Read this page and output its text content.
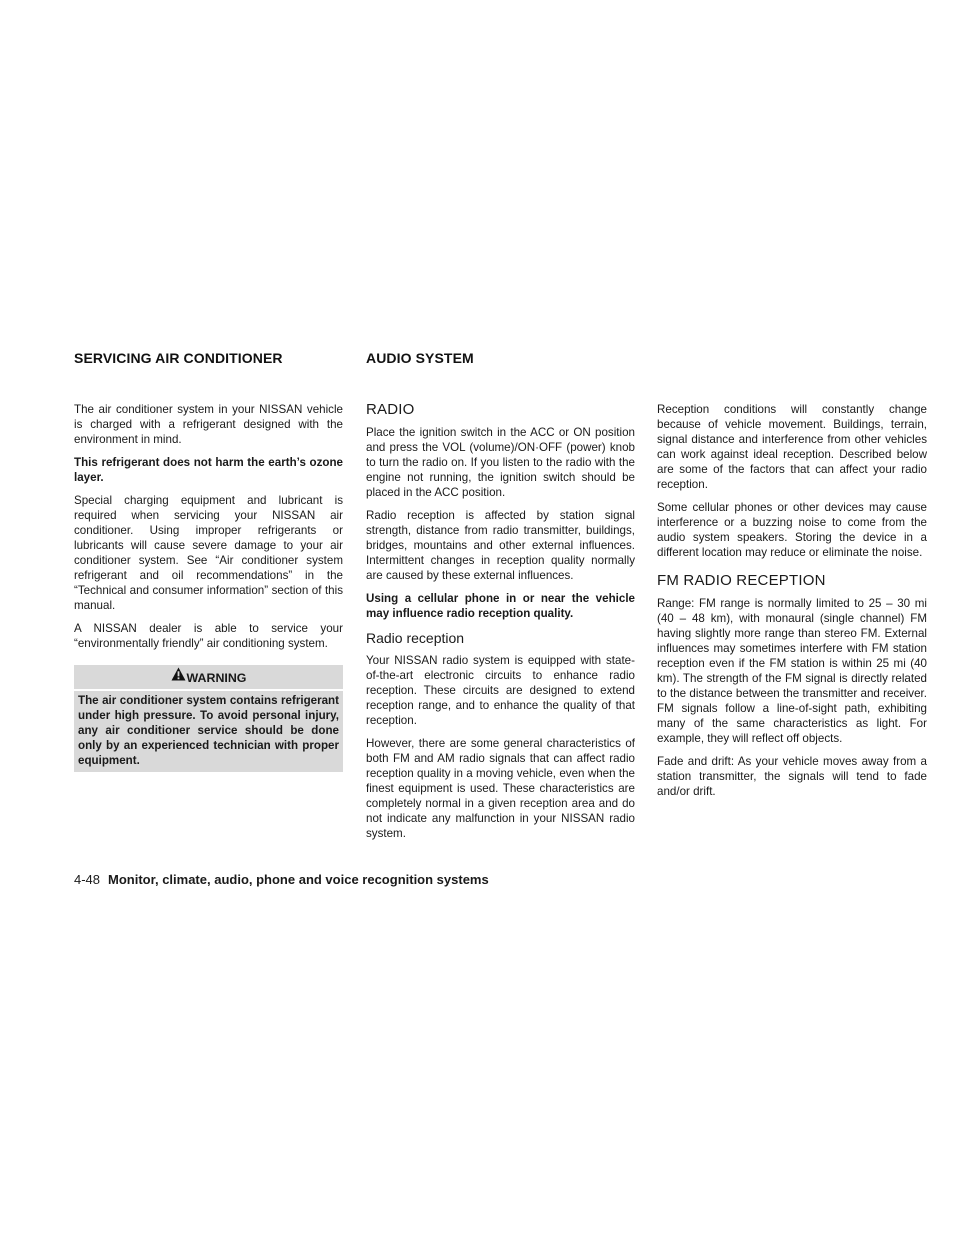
SERVICING AIR CONDITIONER	AUDIO SYSTEM

The air conditioner system in your NISSAN vehicle is charged with a refrigerant designed with the environment in mind.

This refrigerant does not harm the earth’s ozone layer.

Special charging equipment and lubricant is required when servicing your NISSAN air conditioner. Using improper refrigerants or lubricants will cause severe damage to your air conditioner system. See “Air conditioner system refrigerant and oil recommendations” in the “Technical and consumer information” section of this manual.

A NISSAN dealer is able to service your “environmentally friendly” air conditioning system.

WARNING
The air conditioner system contains refrigerant under high pressure. To avoid personal injury, any air conditioner service should be done only by an experienced technician with proper equipment.
RADIO

Place the ignition switch in the ACC or ON position and press the VOL (volume)/ON·OFF (power) knob to turn the radio on. If you listen to the radio with the engine not running, the ignition switch should be placed in the ACC position.

Radio reception is affected by station signal strength, distance from radio transmitter, buildings, bridges, mountains and other external influences. Intermittent changes in reception quality normally are caused by these external influences.

Using a cellular phone in or near the vehicle may influence radio reception quality.

Radio reception

Your NISSAN radio system is equipped with state-of-the-art electronic circuits to enhance radio reception. These circuits are designed to extend reception range, and to enhance the quality of that reception.

However, there are some general characteristics of both FM and AM radio signals that can affect radio reception quality in a moving vehicle, even when the finest equipment is used. These characteristics are completely normal in a given reception area and do not indicate any malfunction in your NISSAN radio system.

Reception conditions will constantly change because of vehicle movement. Buildings, terrain, signal distance and interference from other vehicles can work against ideal reception. Described below are some of the factors that can affect your radio reception.

Some cellular phones or other devices may cause interference or a buzzing noise to come from the audio system speakers. Storing the device in a different location may reduce or eliminate the noise.

FM RADIO RECEPTION

Range: FM range is normally limited to 25 – 30 mi (40 – 48 km), with monaural (single channel) FM having slightly more range than stereo FM. External influences may sometimes interfere with FM station reception even if the FM station is within 25 mi (40 km). The strength of the FM signal is directly related to the distance between the transmitter and receiver. FM signals follow a line-of-sight path, exhibiting many of the same characteristics as light. For example, they will reflect off objects.

Fade and drift: As your vehicle moves away from a station transmitter, the signals will tend to fade and/or drift.

4-48 Monitor, climate, audio, phone and voice recognition systems
